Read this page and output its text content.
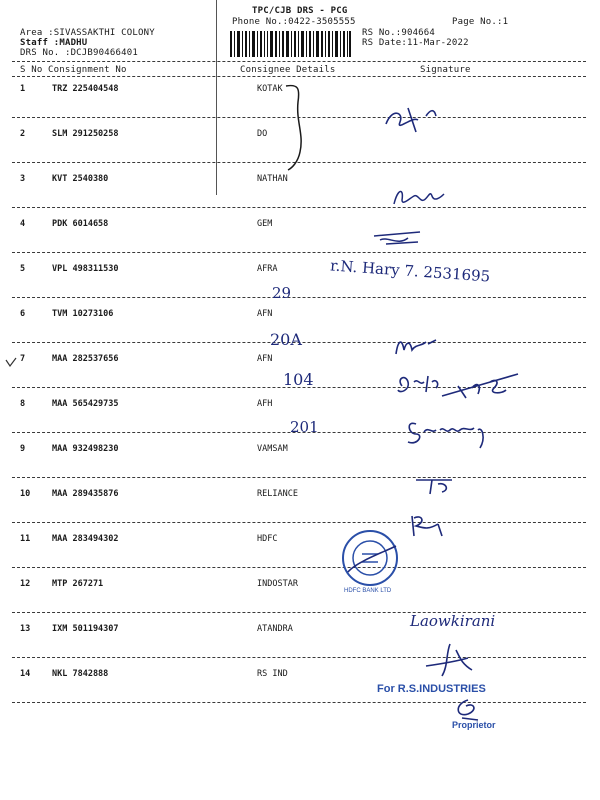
TPC/CJB DRS - PCG
Phone No.:0422-3505555	Page No.:1
Area :SIVASSAKTHI COLONY
Staff :MADHU
DRS No. :DCJB90466401
RS No.:904664
RS Date:11-Mar-2022
S No Consignment No	Consignee Details	Signature
1	TRZ 225404548	KOTAK
2	SLM 291250258	DO
3	KVT 2540380	NATHAN
4	PDK 6014658	GEM
5	VPL 498311530	AFRA
6	TVM 10273106	AFN
7	MAA 282537656	AFN
8	MAA 565429735	AFH
9	MAA 932498230	VAMSAM
10	MAA 289435876	RELIANCE
11	MAA 283494302	HDFC
12	MTP 267271	INDOSTAR
13	IXM 501194307	ATANDRA
14	NKL 7842888	RS IND
r.N. Hary 7. 2531695
29
20A
104
201
HDFC BANK LTD
Laowkirani
For R.S.INDUSTRIES
Proprietor
